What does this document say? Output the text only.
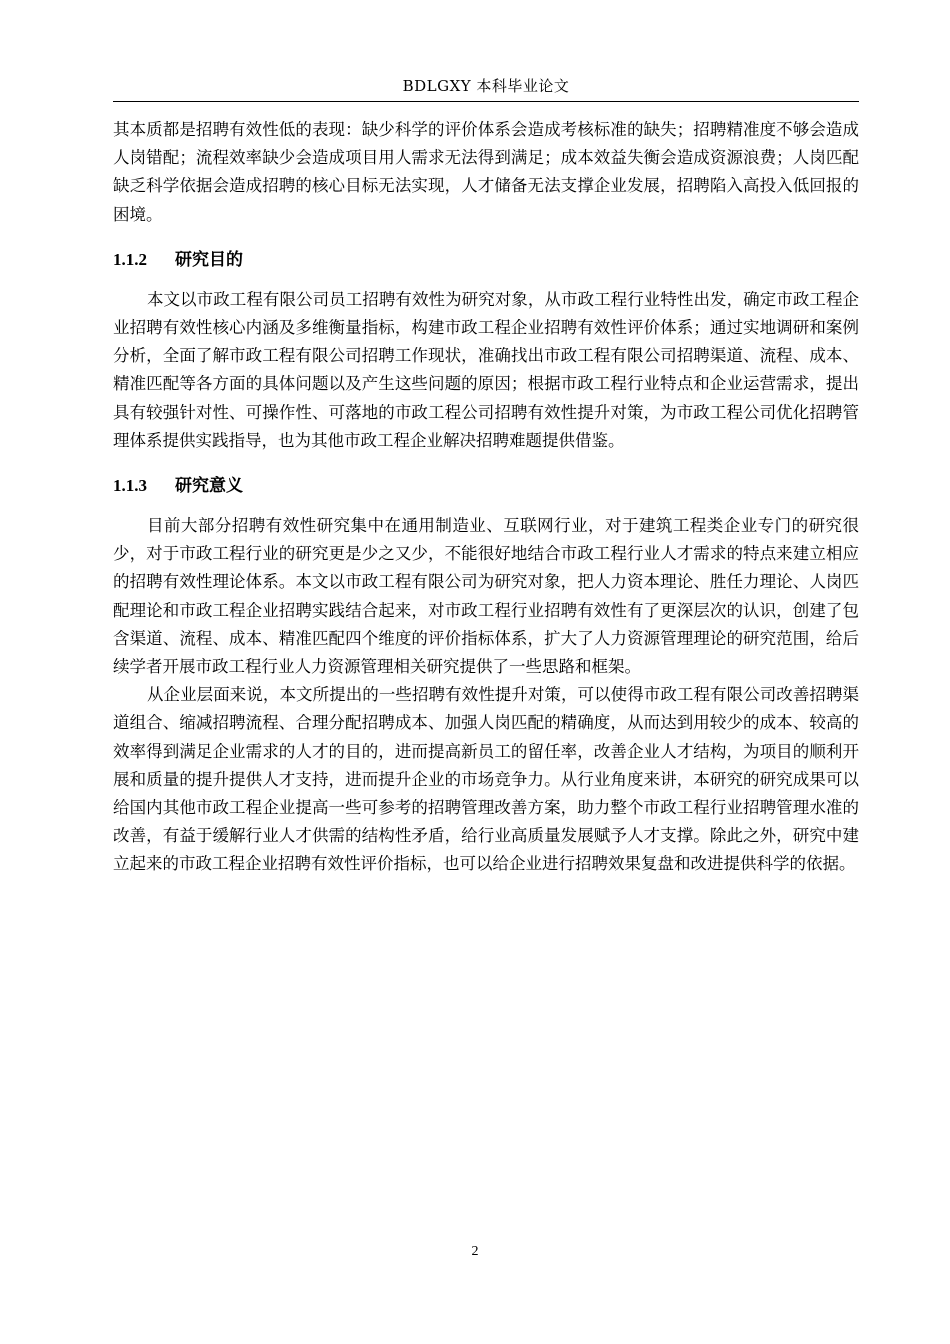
BDLGXY 本科毕业论文

其本质都是招聘有效性低的表现：缺少科学的评价体系会造成考核标准的缺失；招聘精准度不够会造成人岗错配；流程效率缺少会造成项目用人需求无法得到满足；成本效益失衡会造成资源浪费；人岗匹配缺乏科学依据会造成招聘的核心目标无法实现，人才储备无法支撑企业发展，招聘陷入高投入低回报的困境。

1.1.2 研究目的

本文以市政工程有限公司员工招聘有效性为研究对象，从市政工程行业特性出发，确定市政工程企业招聘有效性核心内涵及多维衡量指标，构建市政工程企业招聘有效性评价体系；通过实地调研和案例分析，全面了解市政工程有限公司招聘工作现状，准确找出市政工程有限公司招聘渠道、流程、成本、精准匹配等各方面的具体问题以及产生这些问题的原因；根据市政工程行业特点和企业运营需求，提出具有较强针对性、可操作性、可落地的市政工程公司招聘有效性提升对策，为市政工程公司优化招聘管理体系提供实践指导，也为其他市政工程企业解决招聘难题提供借鉴。

1.1.3 研究意义

目前大部分招聘有效性研究集中在通用制造业、互联网行业，对于建筑工程类企业专门的研究很少，对于市政工程行业的研究更是少之又少，不能很好地结合市政工程行业人才需求的特点来建立相应的招聘有效性理论体系。本文以市政工程有限公司为研究对象，把人力资本理论、胜任力理论、人岗匹配理论和市政工程企业招聘实践结合起来，对市政工程行业招聘有效性有了更深层次的认识，创建了包含渠道、流程、成本、精准匹配四个维度的评价指标体系，扩大了人力资源管理理论的研究范围，给后续学者开展市政工程行业人力资源管理相关研究提供了一些思路和框架。

从企业层面来说，本文所提出的一些招聘有效性提升对策，可以使得市政工程有限公司改善招聘渠道组合、缩减招聘流程、合理分配招聘成本、加强人岗匹配的精确度，从而达到用较少的成本、较高的效率得到满足企业需求的人才的目的，进而提高新员工的留任率，改善企业人才结构，为项目的顺利开展和质量的提升提供人才支持，进而提升企业的市场竞争力。从行业角度来讲，本研究的研究成果可以给国内其他市政工程企业提高一些可参考的招聘管理改善方案，助力整个市政工程行业招聘管理水准的改善，有益于缓解行业人才供需的结构性矛盾，给行业高质量发展赋予人才支撑。除此之外，研究中建立起来的市政工程企业招聘有效性评价指标，也可以给企业进行招聘效果复盘和改进提供科学的依据。

2
